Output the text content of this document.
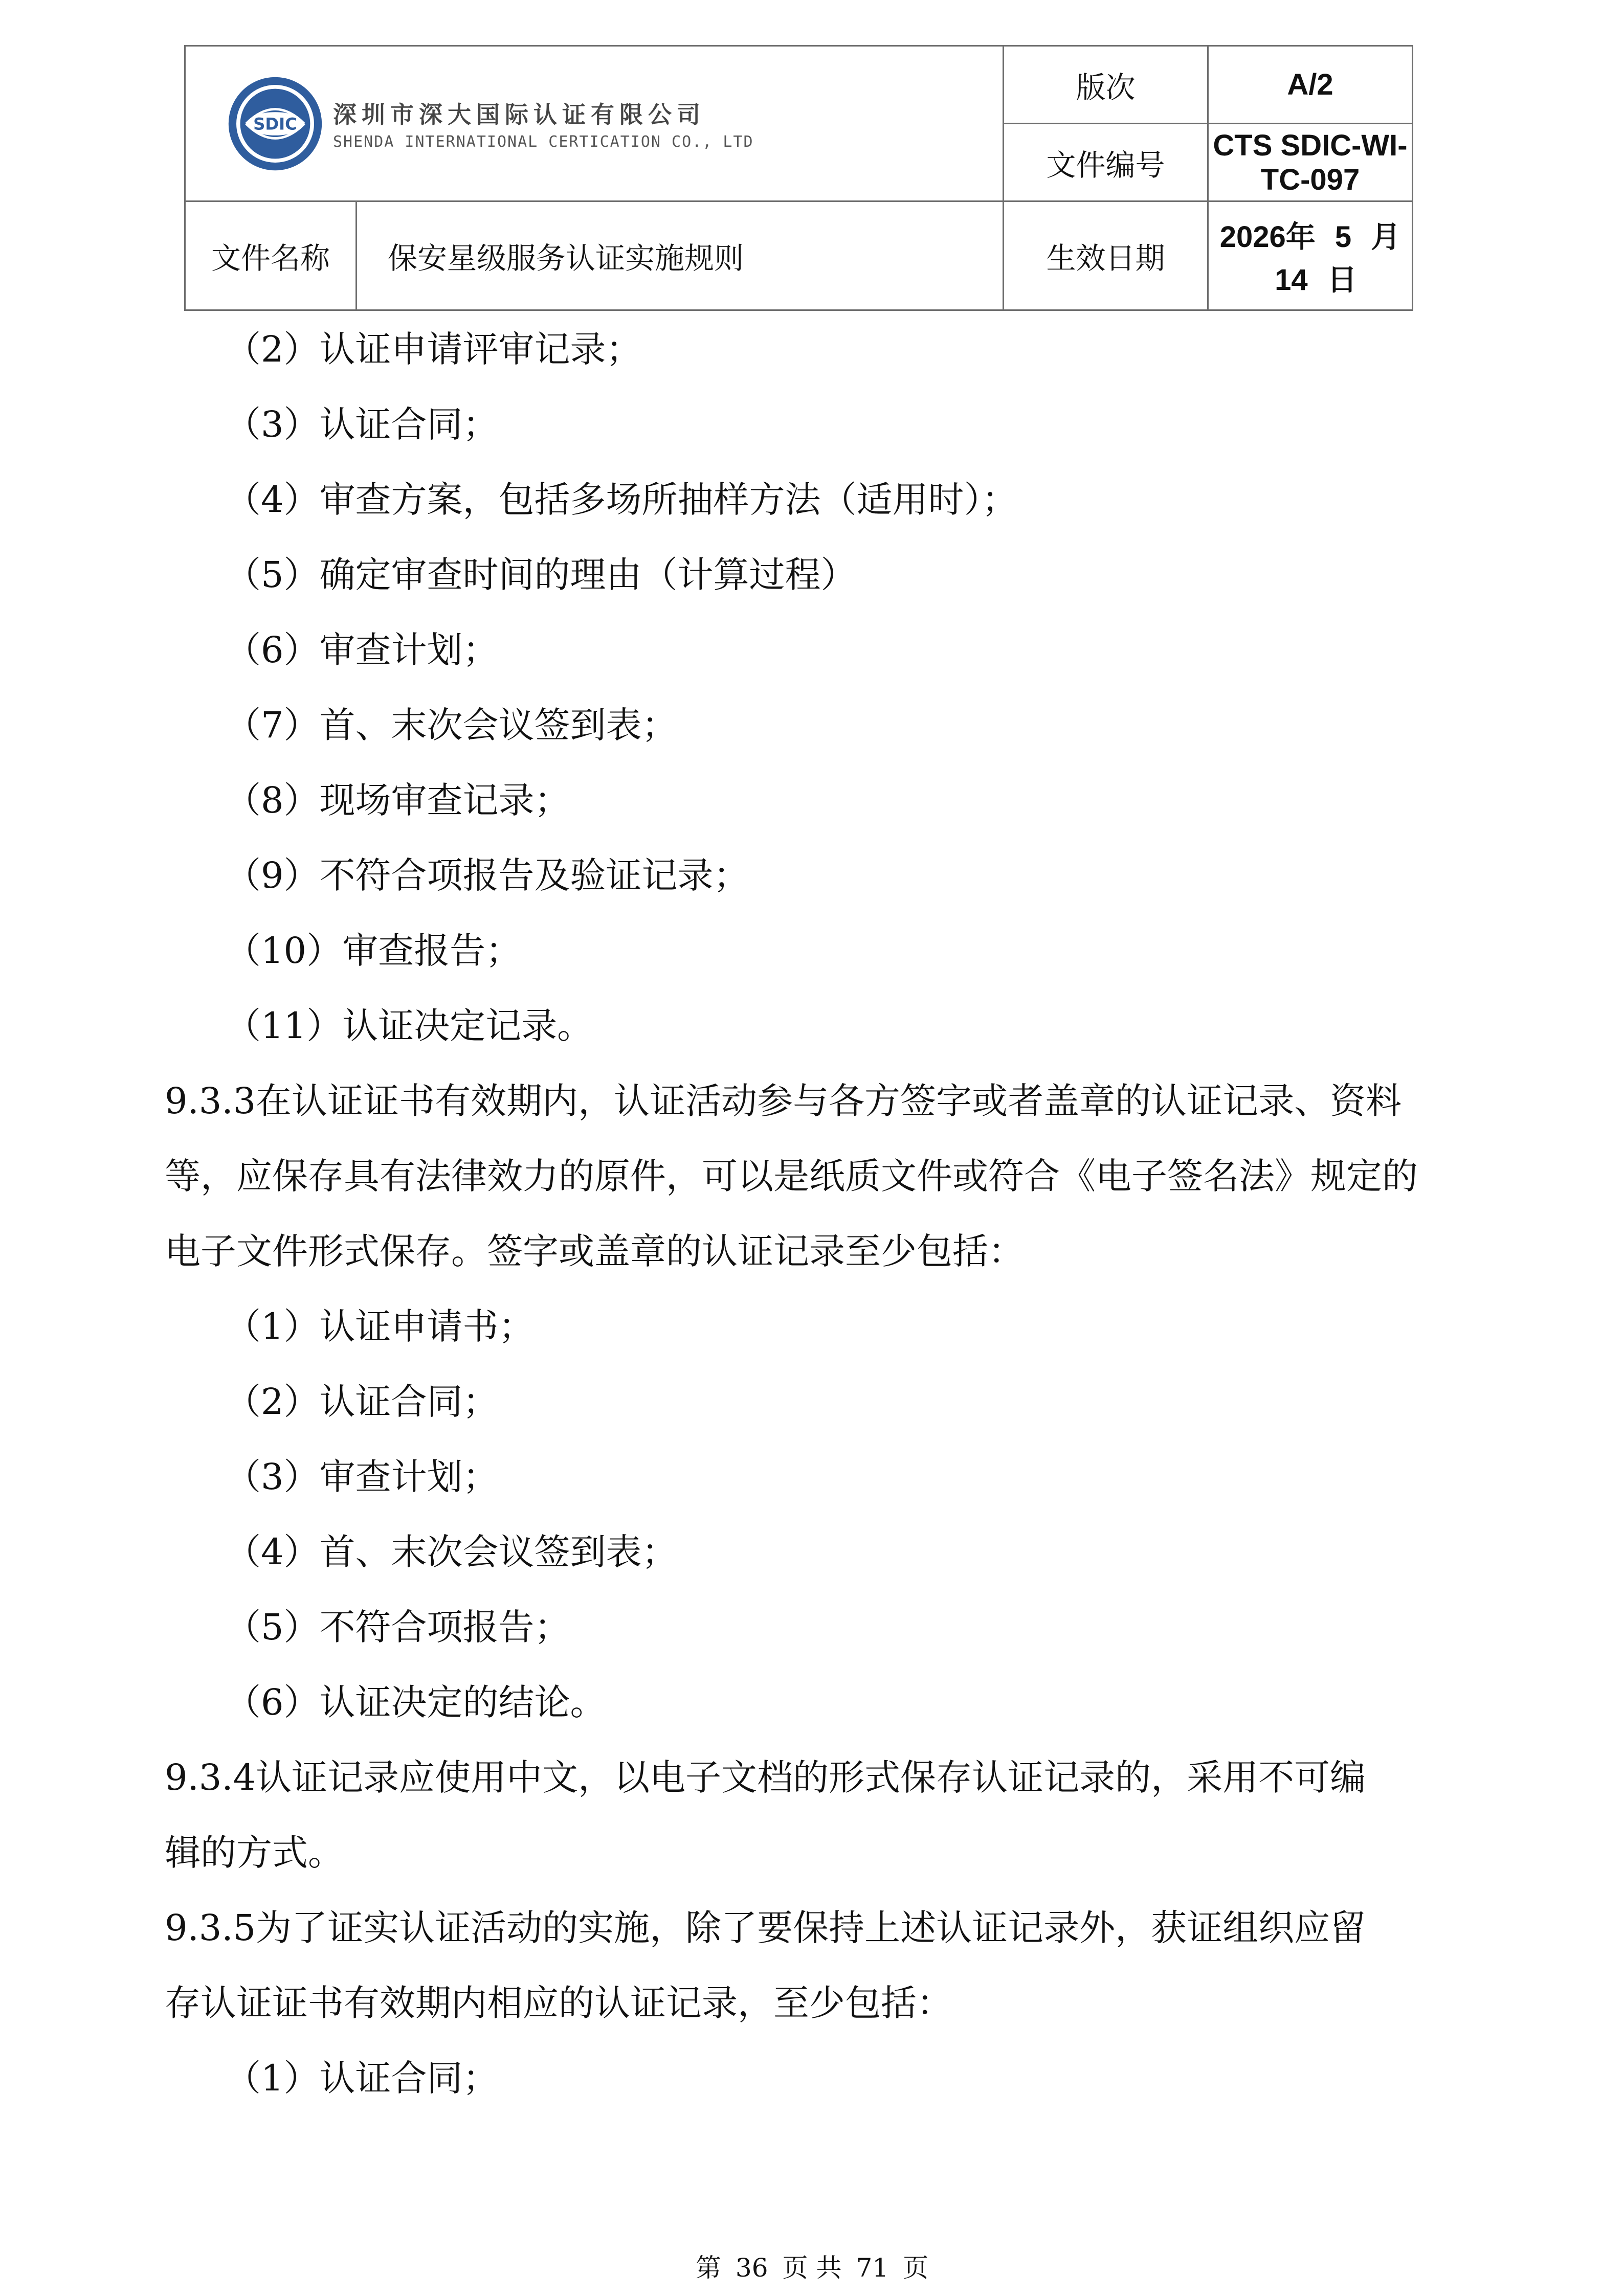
SDIC 深圳市深大国际认证有限公司
SHENDA INTERNATIONAL CERTICATION CO., LTD		版次	A/2
		文件编号	CTS SDIC-WI-TC-097
文件名称	保安星级服务认证实施规则	生效日期	2026年 5 月 14 日

（2）认证申请评审记录；

（3）认证合同；

（4）审查方案，包括多场所抽样方法（适用时）；

（5）确定审查时间的理由（计算过程）

（6）审查计划；

（7）首、末次会议签到表；

（8）现场审查记录；

（9）不符合项报告及验证记录；

（10）审查报告；

（11）认证决定记录。

9.3.3在认证证书有效期内，认证活动参与各方签字或者盖章的认证记录、资料

等，应保存具有法律效力的原件，可以是纸质文件或符合《电子签名法》规定的

电子文件形式保存。签字或盖章的认证记录至少包括：

（1）认证申请书；

（2）认证合同；

（3）审查计划；

（4）首、末次会议签到表；

（5）不符合项报告；

（6）认证决定的结论。

9.3.4认证记录应使用中文，以电子文档的形式保存认证记录的，采用不可编

辑的方式。

9.3.5为了证实认证活动的实施，除了要保持上述认证记录外，获证组织应留

存认证证书有效期内相应的认证记录，至少包括：

（1）认证合同；

第 36 页 共 71 页
